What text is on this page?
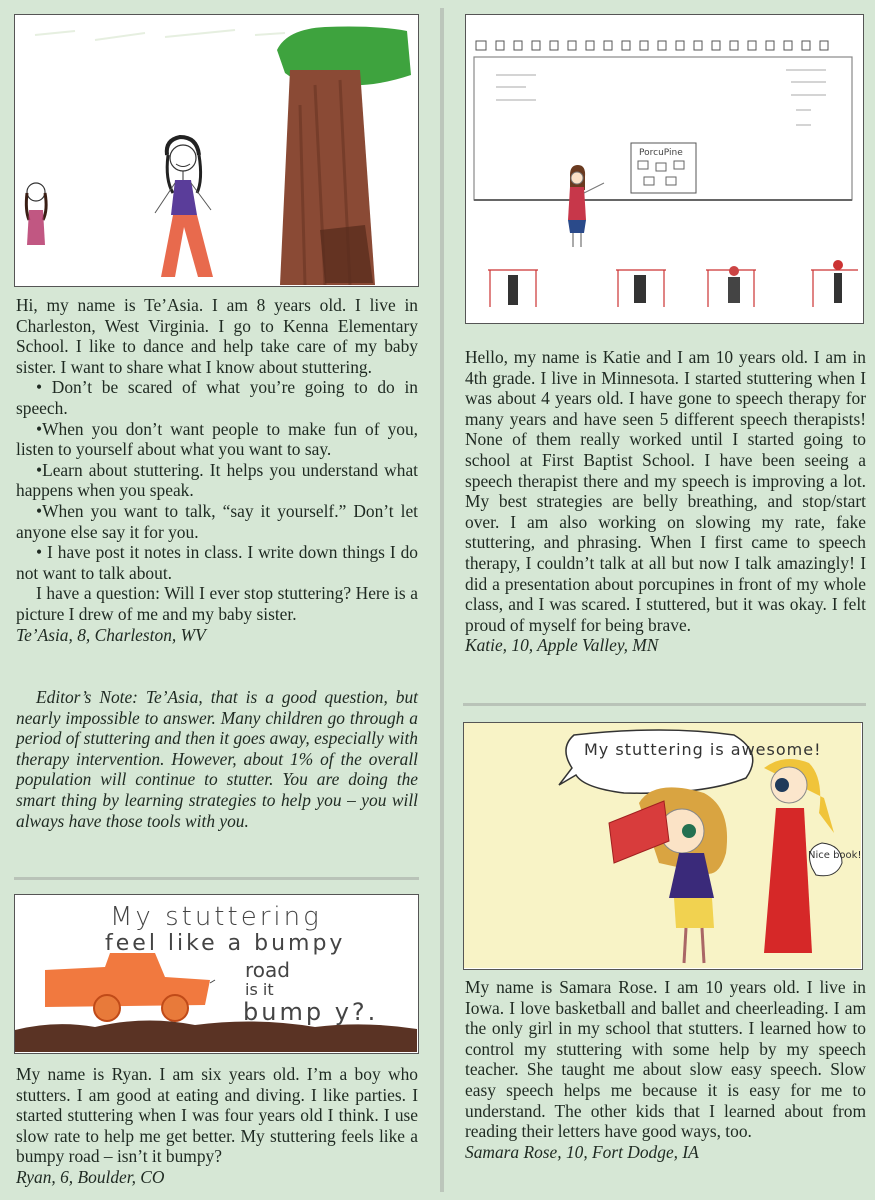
Hi, my name is Te’Asia. I am 8 years old. I live in Charleston, West Virginia. I go to Kenna Elementary School. I like to dance and help take care of my baby sister. I want to share what I know about stuttering.

• Don’t be scared of what you’re going to do in speech.

•When you don’t want people to make fun of you, listen to yourself about what you want to say.

•Learn about stuttering. It helps you understand what happens when you speak.

•When you want to talk, “say it yourself.” Don’t let anyone else say it for you.

• I have post it notes in class. I write down things I do not want to talk about.

I have a question: Will I ever stop stuttering? Here is a picture I drew of me and my baby sister.

Te’Asia, 8, Charleston, WV

Editor’s Note: Te’Asia, that is a good question, but nearly impossible to answer. Many children go through a period of stuttering and then it goes away, especially with therapy intervention. However, about 1% of the overall population will continue to stutter. You are doing the smart thing by learning strategies to help you – you will always have those tools with you.

My stuttering
feel like a bumpy
road
is it
bump y?.

My name is Ryan. I am six years old. I’m a boy who stutters. I am good at eating and diving. I like parties. I started stuttering when I was four years old I think. I use slow rate to help me get better. My stuttering feels like a bumpy road – isn’t it bumpy?

Ryan, 6, Boulder, CO

PorcuPine

Hello, my name is Katie and I am 10 years old. I am in 4th grade. I live in Minnesota. I started stuttering when I was about 4 years old. I have gone to speech therapy for many years and have seen 5 different speech therapists! None of them really worked until I started going to school at First Baptist School. I have been seeing a speech therapist there and my speech is improving a lot. My best strategies are belly breathing, and stop/start over. I am also working on slowing my rate, fake stuttering, and phrasing. When I first came to speech therapy, I couldn’t talk at all but now I talk amazingly! I did a presentation about porcupines in front of my whole class, and I was scared. I stuttered, but it was okay. I felt proud of myself for being brave.

Katie, 10, Apple Valley, MN

My stuttering is awesome!
Nice book!

My name is Samara Rose. I am 10 years old. I live in Iowa. I love basketball and ballet and cheerleading. I am the only girl in my school that stutters. I learned how to control my stuttering with some help by my speech teacher. She taught me about slow easy speech. Slow easy speech helps me because it is easy for me to understand. The other kids that I learned about from reading their letters have good ways, too.

Samara Rose, 10, Fort Dodge, IA
